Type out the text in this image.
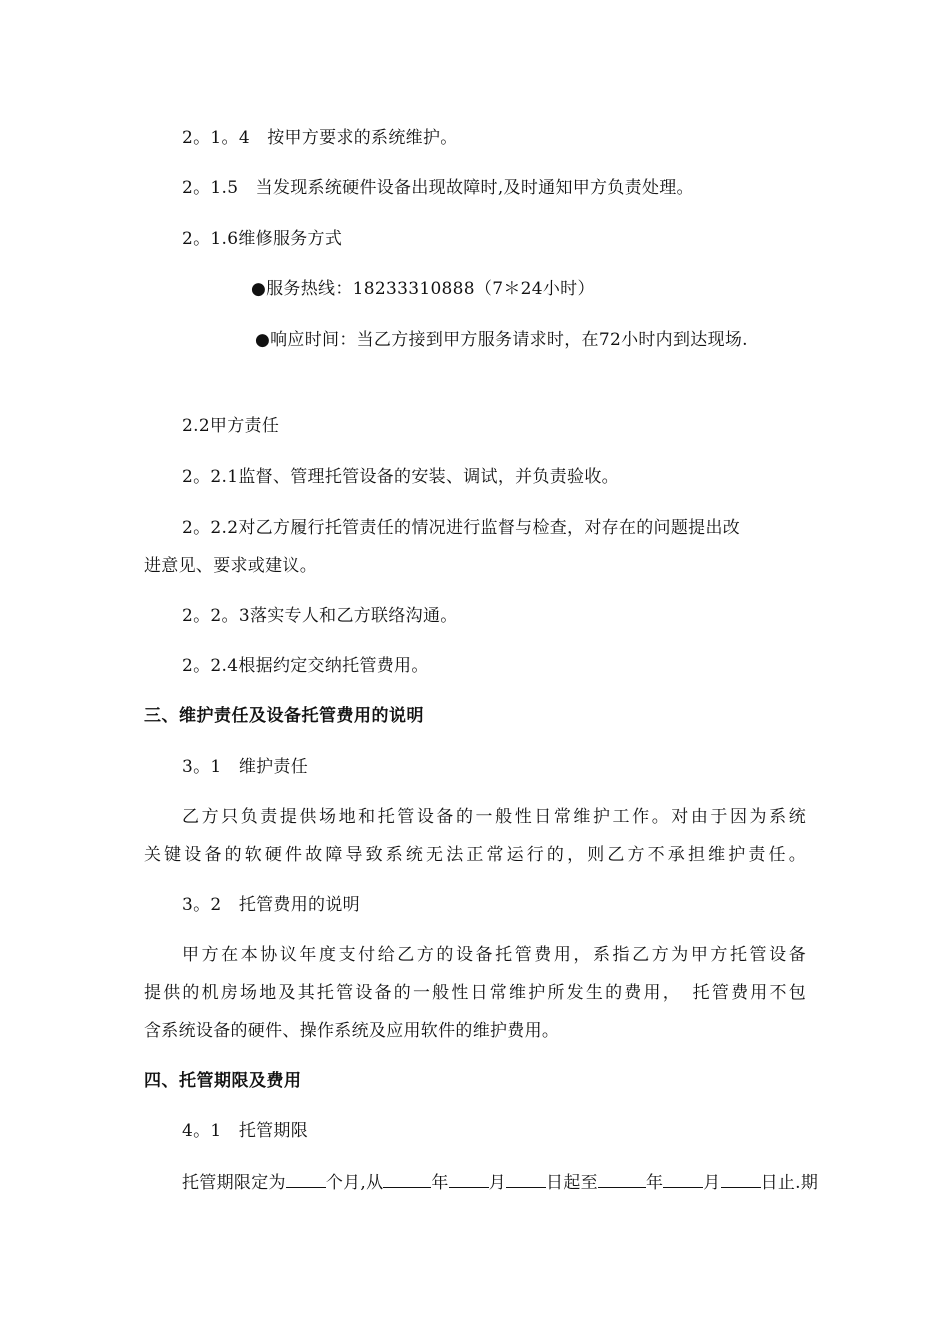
2。1。4　按甲方要求的系统维护。
2。1.5　当发现系统硬件设备出现故障时,及时通知甲方负责处理。
2。1.6维修服务方式
●服务热线：18233310888（7＊24小时）
●响应时间：当乙方接到甲方服务请求时，在72小时内到达现场.
2.2甲方责任
2。2.1监督、管理托管设备的安装、调试，并负责验收。
2。2.2对乙方履行托管责任的情况进行监督与检查，对存在的问题提出改
进意见、要求或建议。
2。2。3落实专人和乙方联络沟通。
2。2.4根据约定交纳托管费用。
三、维护责任及设备托管费用的说明
3。1　维护责任
乙方只负责提供场地和托管设备的一般性日常维护工作。对由于因为系统
关键设备的软硬件故障导致系统无法正常运行的，则乙方不承担维护责任。
3。2　托管费用的说明
甲方在本协议年度支付给乙方的设备托管费用，系指乙方为甲方托管设备
提供的机房场地及其托管设备的一般性日常维护所发生的费用，　托管费用不包
含系统设备的硬件、操作系统及应用软件的维护费用。
四、托管期限及费用
4。1　托管期限
托管期限定为 个月,从	年 月 日起至	年 月 日止.期
